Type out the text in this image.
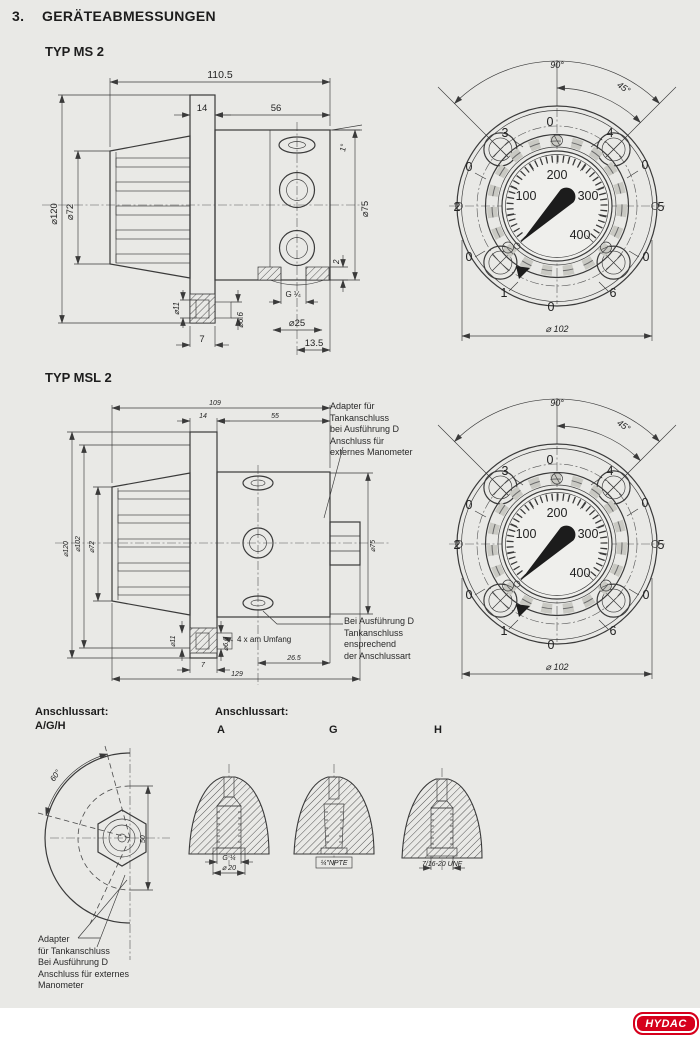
3. GERÄTEABMESSUNGEN
TYP MS 2
110.5
14	56
⌀120 ⌀72	⌀75
1°
2
⌀11
⌀6.6
7
G ¼
⌀25
13.5
90°
45°
100
200
300
400
0
3	4
0	0
2	5
0	0
1	6
0
⌀ 102
TYP MSL 2
109
14	55
⌀120 ⌀102 ⌀72	⌀75
⌀11	⌀6.6 4 x am Umfang
7
26.5
129
90°
45°
100
200
300
400
0
3	4
0	0
2	5
0	0
1	6
0
⌀ 102
Adapter für
Tankanschluss
bei Ausführung D
Anschluss für
externes Manometer
Bei Ausführung D
Tankanschluss
ensprechend
der Anschlussart
Anschlussart:
A/G/H
Anschlussart:
A	G	H
60°
50
G ¼
⌀ 20
¼"NPTE	7/16-20 UNF
Adapter
für Tankanschluss
Bei Ausführung D
Anschluss für externes
Manometer
HYDAC
